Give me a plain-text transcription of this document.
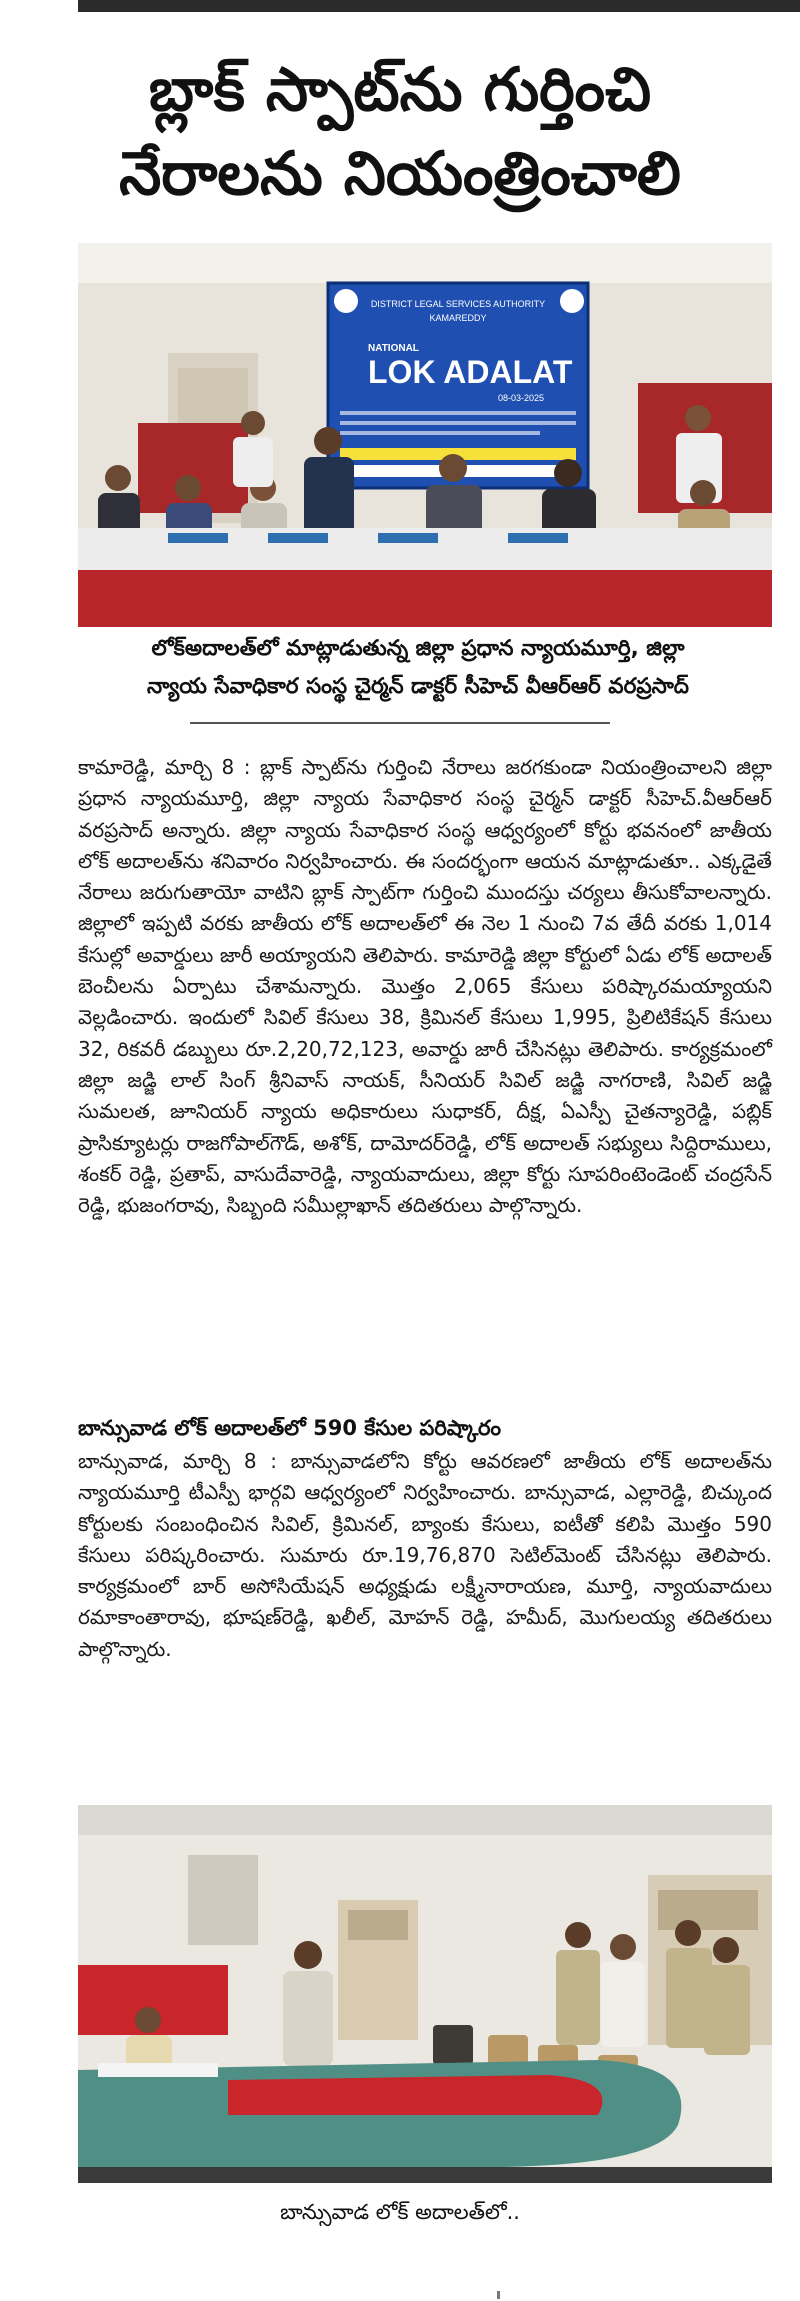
బ్లాక్ స్పాట్‌ను గుర్తించి
నేరాలను నియంత్రించాలి
DISTRICT LEGAL SERVICES AUTHORITY
KAMAREDDY
NATIONAL
LOK ADALAT
08-03-2025
లోక్‌అదాలత్‌లో మాట్లాడుతున్న జిల్లా ప్రధాన న్యాయమూర్తి, జిల్లా
న్యాయ సేవాధికార సంస్థ చైర్మన్ డాక్టర్ సీహెచ్ వీఆర్ఆర్ వరప్రసాద్

కామారెడ్డి, మార్చి 8 : బ్లాక్ స్పాట్‌ను గుర్తించి నేరాలు జరగకుండా నియంత్రించాలని జిల్లా ప్రధాన న్యాయమూర్తి, జిల్లా న్యాయ సేవాధికార సంస్థ చైర్మన్ డాక్టర్ సీహెచ్.వీఆర్ఆర్ వరప్రసాద్ అన్నారు. జిల్లా న్యాయ సేవాధికార సంస్థ ఆధ్వర్యంలో కోర్టు భవనంలో జాతీయ లోక్ అదాలత్‌ను శనివారం నిర్వహించారు. ఈ సందర్భంగా ఆయన మాట్లాడుతూ.. ఎక్కడైతే నేరాలు జరుగుతాయో వాటిని బ్లాక్ స్పాట్‌గా గుర్తించి ముందస్తు చర్యలు తీసుకోవాలన్నారు. జిల్లాలో ఇప్పటి వరకు జాతీయ లోక్ అదాలత్‌లో ఈ నెల 1 నుంచి 7వ తేదీ వరకు 1,014 కేసుల్లో అవార్డులు జారీ అయ్యాయని తెలిపారు. కామారెడ్డి జిల్లా కోర్టులో ఏడు లోక్ అదాలత్ బెంచీలను ఏర్పాటు చేశామన్నారు. మొత్తం 2,065 కేసులు పరిష్కారమయ్యాయని వెల్లడించారు. ఇందులో సివిల్ కేసులు 38, క్రిమినల్ కేసులు 1,995, ప్రిలిటికేషన్ కేసులు 32, రికవరీ డబ్బులు రూ.2,20,72,123, అవార్డు జారీ చేసినట్లు తెలిపారు. కార్యక్రమంలో జిల్లా జడ్జి లాల్ సింగ్ శ్రీనివాస్ నాయక్, సీనియర్ సివిల్ జడ్జి నాగరాణి, సివిల్ జడ్జి సుమలత, జూనియర్ న్యాయ అధికారులు సుధాకర్, దీక్ష, ఏఎస్పీ చైతన్యారెడ్డి, పబ్లిక్ ప్రాసిక్యూటర్లు రాజగోపాల్‌గౌడ్, అశోక్, దామోదర్‌రెడ్డి, లోక్ అదాలత్ సభ్యులు సిద్దిరాములు, శంకర్ రెడ్డి, ప్రతాప్, వాసుదేవారెడ్డి, న్యాయవాదులు, జిల్లా కోర్టు సూపరింటెండెంట్ చంద్రసేన్ రెడ్డి, భుజంగరావు, సిబ్బంది సమీుల్లాఖాన్ తదితరులు పాల్గొన్నారు.

బాన్సువాడ లోక్ అదాలత్‌లో 590 కేసుల పరిష్కారం

బాన్సువాడ, మార్చి 8 : బాన్సువాడలోని కోర్టు ఆవరణలో జాతీయ లోక్ అదాలత్‌ను న్యాయమూర్తి టీఎస్పీ భార్గవి ఆధ్వర్యంలో నిర్వహించారు. బాన్సువాడ, ఎల్లారెడ్డి, బిచ్కుంద కోర్టులకు సంబంధించిన సివిల్, క్రిమినల్, బ్యాంకు కేసులు, ఐటీతో కలిపి మొత్తం 590 కేసులు పరిష్కరించారు. సుమారు రూ.19,76,870 సెటిల్‌మెంట్ చేసినట్లు తెలిపారు. కార్యక్రమంలో బార్ అసోసియేషన్ అధ్యక్షుడు లక్ష్మీనారాయణ, మూర్తి, న్యాయవాదులు రమాకాంతారావు, భూషణ్‌రెడ్డి, ఖలీల్, మోహన్ రెడ్డి, హమీద్, మొగులయ్య తదితరులు పాల్గొన్నారు.

బాన్సువాడ లోక్ అదాలత్‌లో..
